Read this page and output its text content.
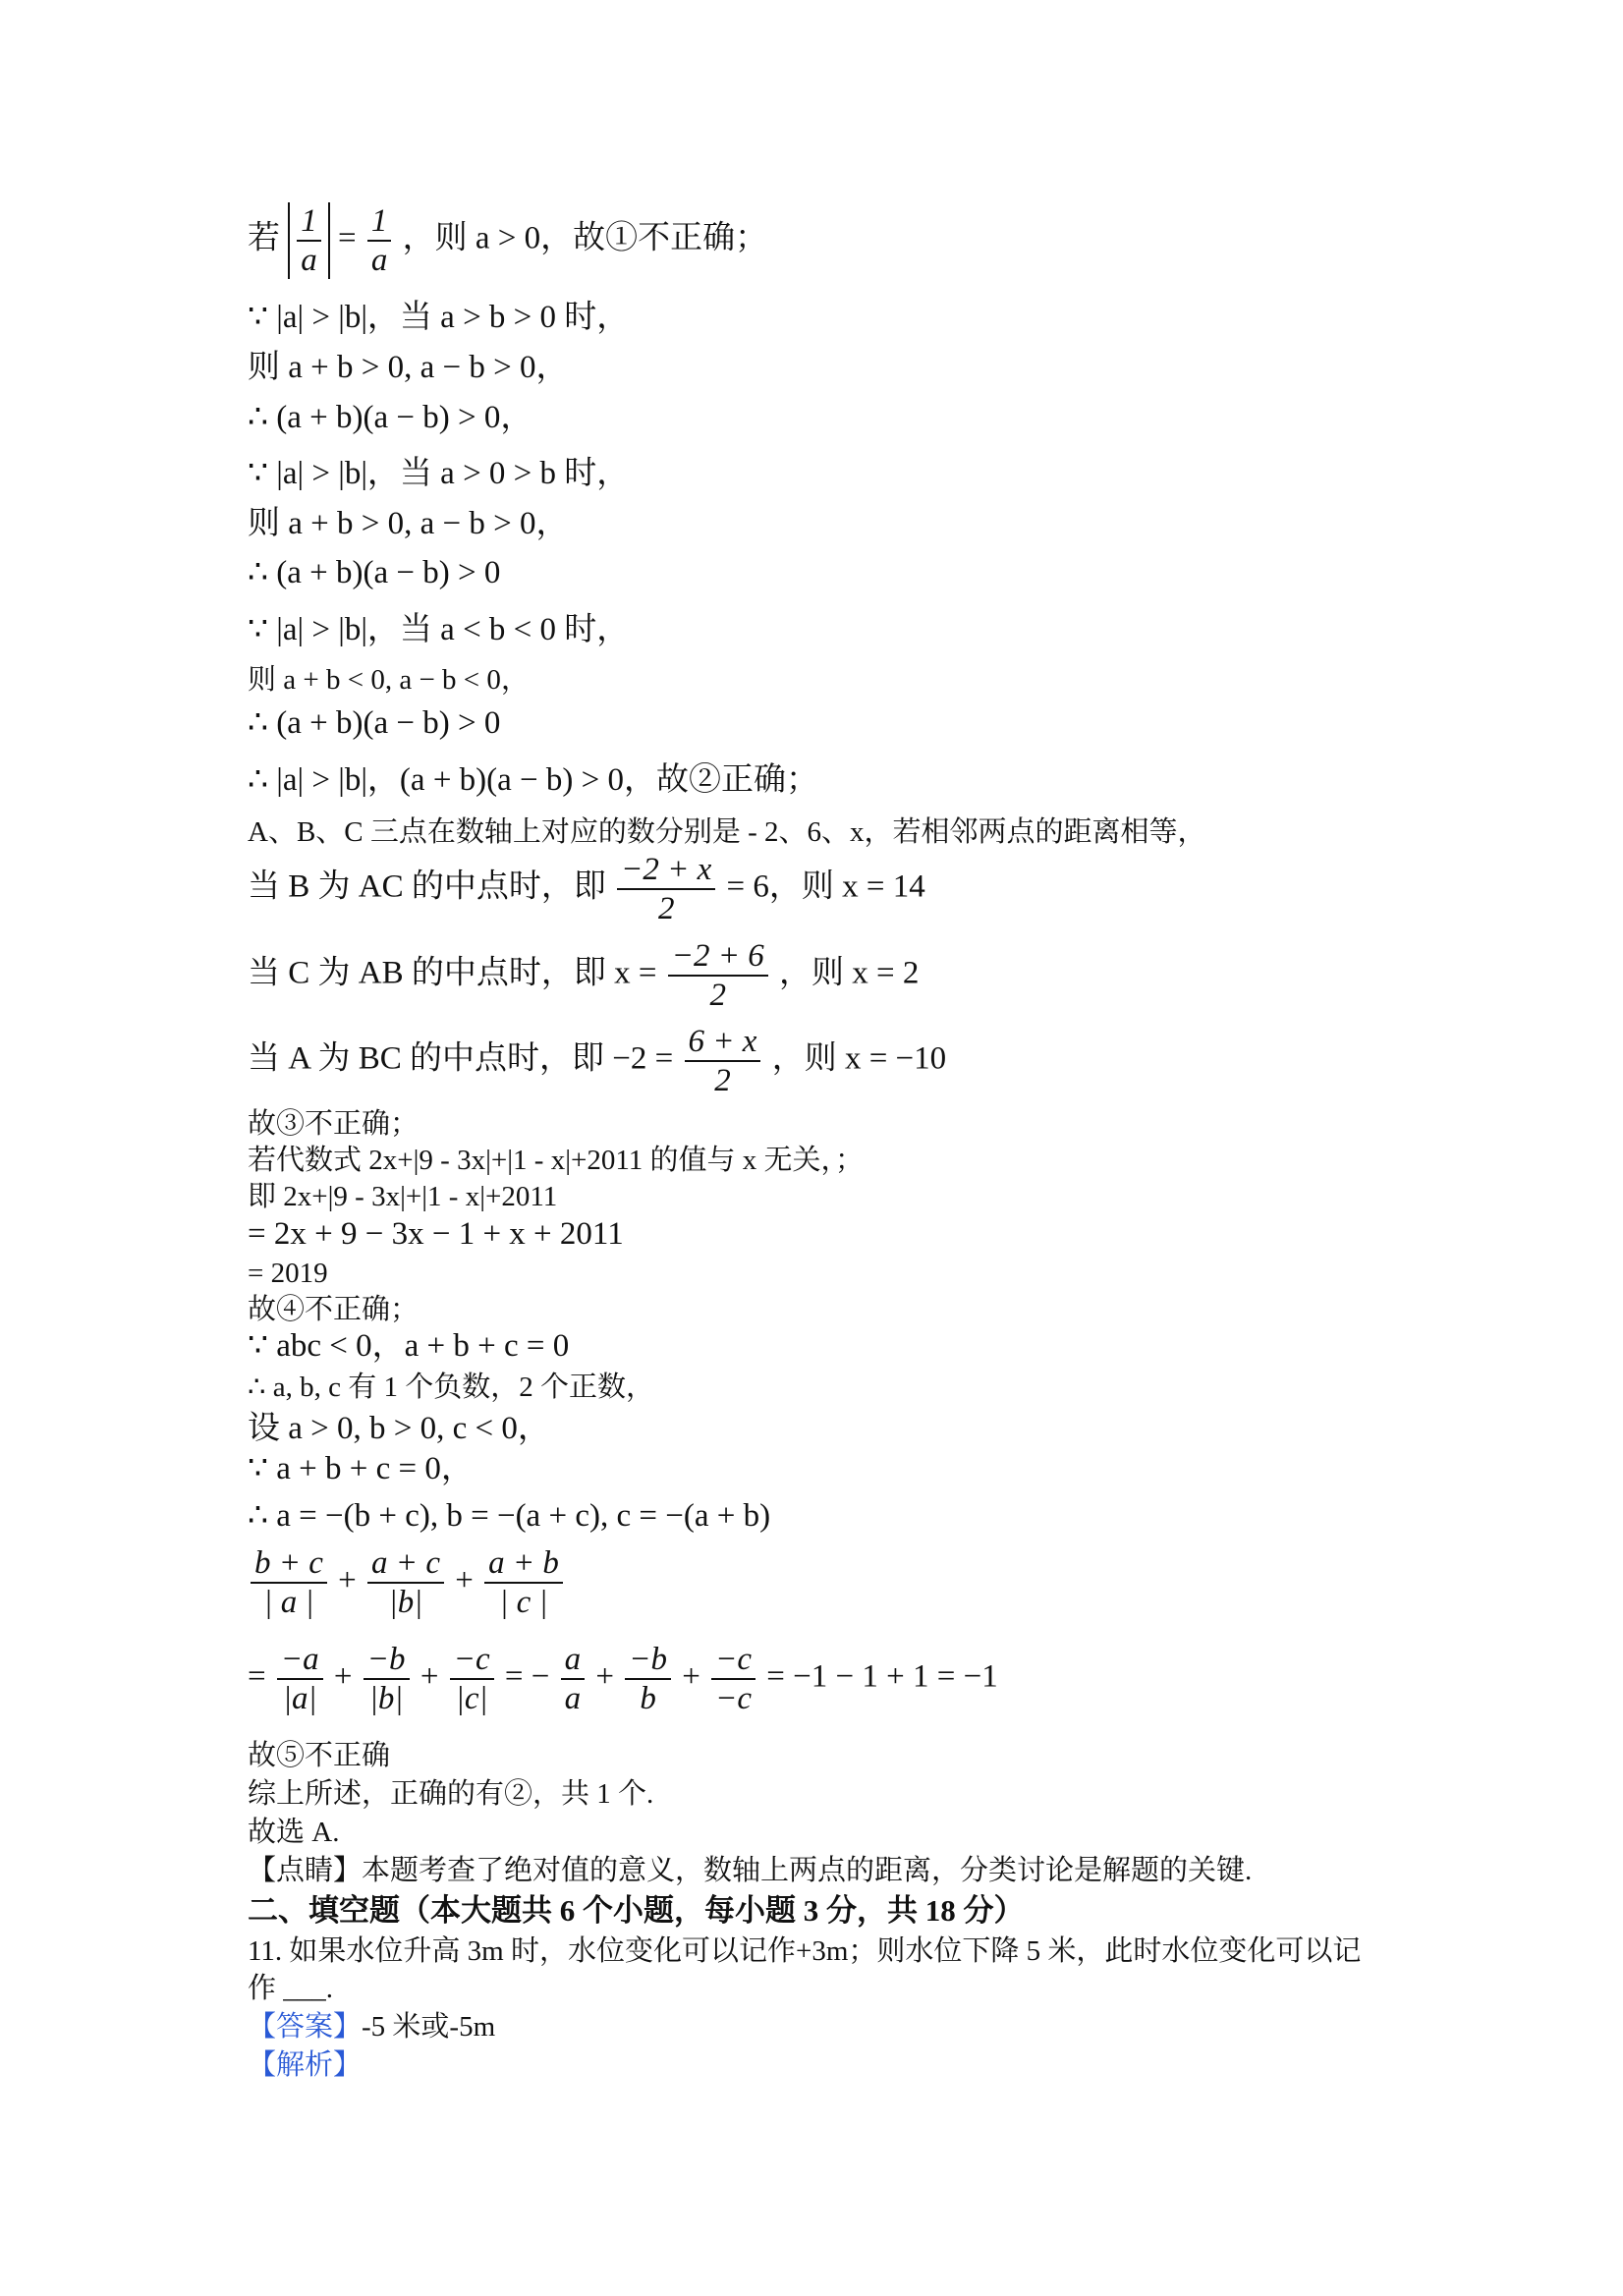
若 $\frac{1}{a} = \frac{1}{a}$ ，则 a > 0，故①不正确；
∵ |a| > |b|，当 a > b > 0 时，
则 a + b > 0, a − b > 0，
∴ (a + b)(a − b) > 0，
∵ |a| > |b|，当 a > 0 > b 时，
则 a + b > 0, a − b > 0，
∴ (a + b)(a − b) > 0
∵ |a| > |b|，当 a < b < 0 时，
则 a + b < 0, a − b < 0，
∴ (a + b)(a − b) > 0
∴ |a| > |b|，(a + b)(a − b) > 0，故②正确；
A、B、C 三点在数轴上对应的数分别是 - 2、6、x，若相邻两点的距离相等，
当 B 为 AC 的中点时，即 $\frac{-2 + x}{2} = 6$，则 x = 14
当 C 为 AB 的中点时，即 $x = \frac{-2 + 6}{2}$ ，则 x = 2
当 A 为 BC 的中点时，即 $-2 = \frac{6 + x}{2}$ ，则 x = −10
故③不正确；
若代数式 2x+|9 - 3x|+|1 - x|+2011 的值与 x 无关，；
即 2x+|9 - 3x|+|1 - x|+2011
= 2x + 9 − 3x − 1 + x + 2011
= 2019
故④不正确；
∵ abc < 0，a + b + c = 0
∴ a, b, c 有 1 个负数，2 个正数，
设 a > 0, b > 0, c < 0，
∵ a + b + c = 0，
∴ a = −(b + c), b = −(a + c), c = −(a + b)
$\frac{b + c}{| a |} + \frac{a + c}{|b|} + \frac{a + b}{| c |}$
= $\frac{-a}{|a|} + \frac{-b}{|b|} + \frac{-c}{|c|}$ = − $\frac{a}{a} + \frac{-b}{b} + \frac{-c}{-c} = -1 - 1 + 1 = -1$
故⑤不正确
综上所述，正确的有②，共 1 个.
故选 A.
【点睛】本题考查了绝对值的意义，数轴上两点的距离，分类讨论是解题的关键.
二、填空题（本大题共 6 个小题，每小题 3 分，共 18 分）
11. 如果水位升高 3m 时，水位变化可以记作+3m；则水位下降 5 米，此时水位变化可以记
作 ___.
【答案】-5 米或-5m
【解析】
